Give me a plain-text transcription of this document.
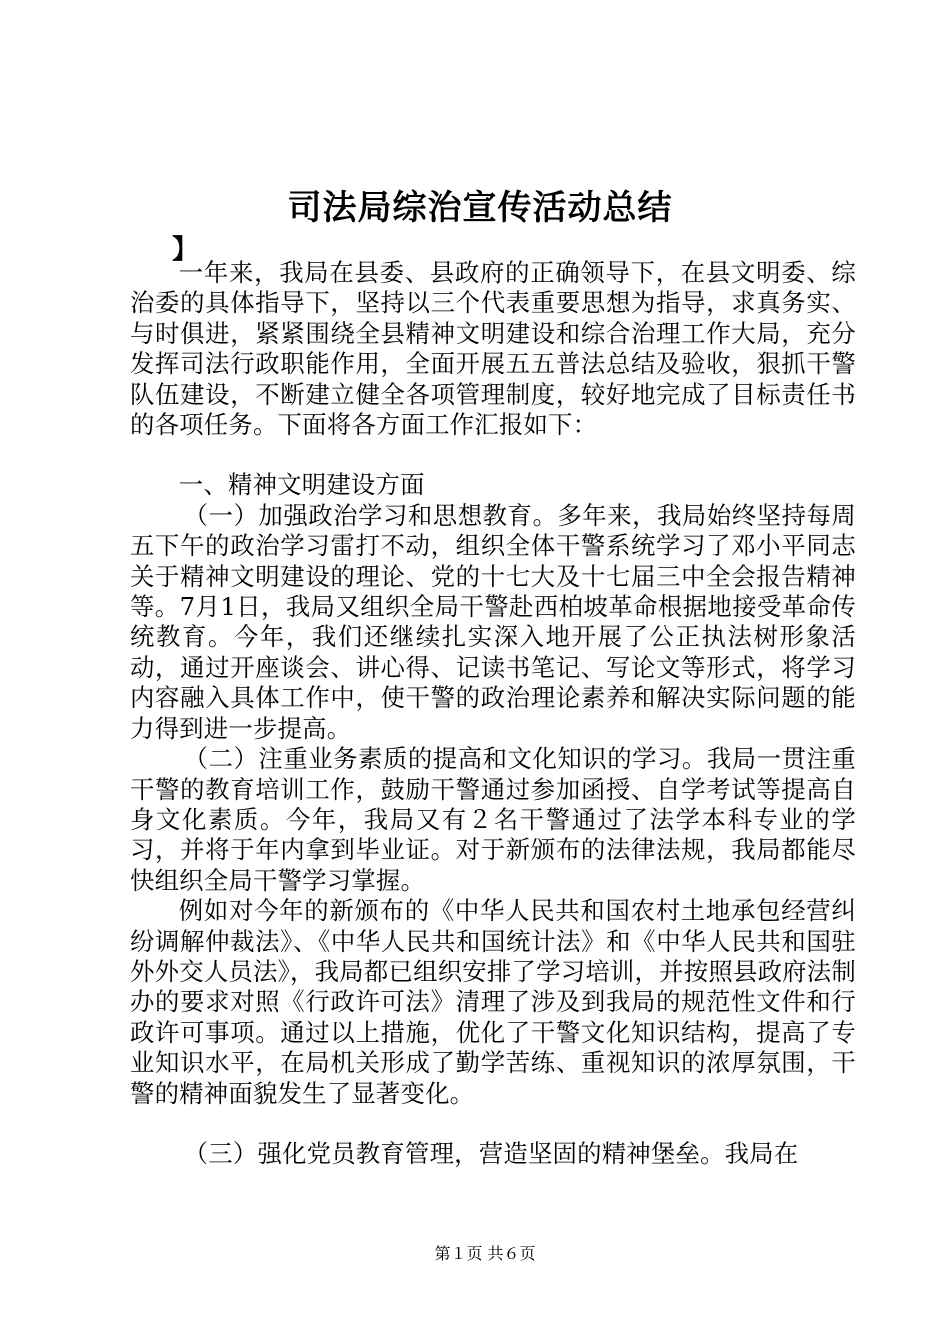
司法局综治宣传活动总结
】

一年来，我局在县委、县政府的正确领导下，在县文明委、综治委的具体指导下，坚持以三个代表重要思想为指导，求真务实、与时俱进，紧紧围绕全县精神文明建设和综合治理工作大局，充分发挥司法行政职能作用，全面开展五五普法总结及验收，狠抓干警队伍建设，不断建立健全各项管理制度，较好地完成了目标责任书的各项任务。下面将各方面工作汇报如下：

一、精神文明建设方面

（一）加强政治学习和思想教育。多年来，我局始终坚持每周五下午的政治学习雷打不动，组织全体干警系统学习了邓小平同志关于精神文明建设的理论、党的十七大及十七届三中全会报告精神等。7月1日，我局又组织全局干警赴西柏坡革命根据地接受革命传统教育。今年，我们还继续扎实深入地开展了公正执法树形象活动，通过开座谈会、讲心得、记读书笔记、写论文等形式，将学习内容融入具体工作中，使干警的政治理论素养和解决实际问题的能力得到进一步提高。

（二）注重业务素质的提高和文化知识的学习。我局一贯注重干警的教育培训工作，鼓励干警通过参加函授、自学考试等提高自身文化素质。今年，我局又有２名干警通过了法学本科专业的学习，并将于年内拿到毕业证。对于新颁布的法律法规，我局都能尽快组织全局干警学习掌握。

例如对今年的新颁布的《中华人民共和国农村土地承包经营纠纷调解仲裁法》、《中华人民共和国统计法》和《中华人民共和国驻外外交人员法》，我局都已组织安排了学习培训，并按照县政府法制办的要求对照《行政许可法》清理了涉及到我局的规范性文件和行政许可事项。通过以上措施，优化了干警文化知识结构，提高了专业知识水平，在局机关形成了勤学苦练、重视知识的浓厚氛围，干警的精神面貌发生了显著变化。

（三）强化党员教育管理，营造坚固的精神堡垒。我局在

第１页 共６页
